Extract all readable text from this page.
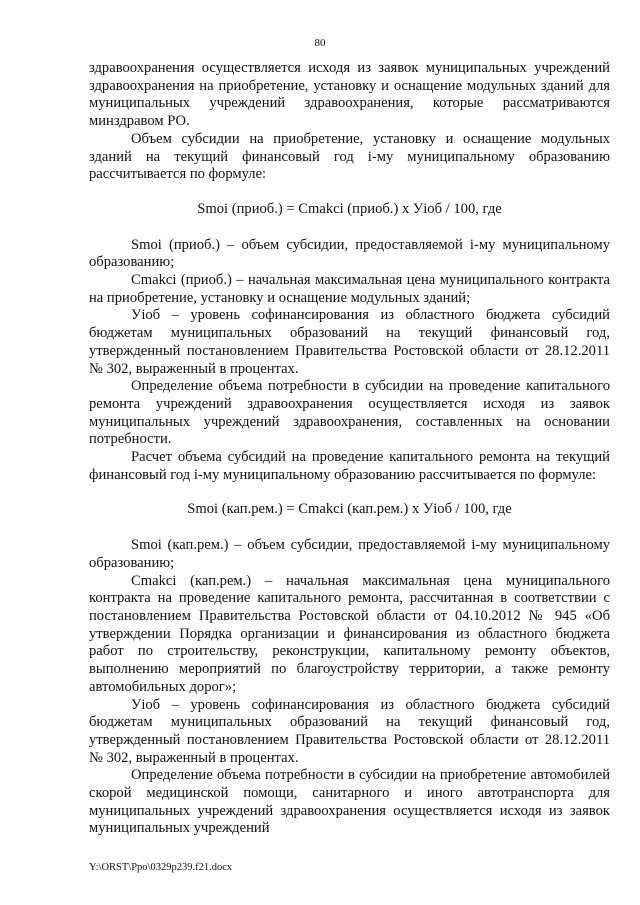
80

здравоохранения осуществляется исходя из заявок муниципальных учреждений здравоохранения на приобретение, установку и оснащение модульных зданий для муниципальных учреждений здравоохранения, которые рассматриваются минздравом РО.

Объем субсидии на приобретение, установку и оснащение модульных зданий на текущий финансовый год i-му муниципальному образованию рассчитывается по формуле:

Smoi (приоб.) = Cmakci (приоб.) x Уioб / 100, где

Smoi (приоб.) – объем субсидии, предоставляемой i-му муниципальному образованию;

Cmakci (приоб.) – начальная максимальная цена муниципального контракта на приобретение, установку и оснащение модульных зданий;

Уioб – уровень софинансирования из областного бюджета субсидий бюджетам муниципальных образований на текущий финансовый год, утвержденный постановлением Правительства Ростовской области от 28.12.2011 № 302, выраженный в процентах.

Определение объема потребности в субсидии на проведение капитального ремонта учреждений здравоохранения осуществляется исходя из заявок муниципальных учреждений здравоохранения, составленных на основании потребности.

Расчет объема субсидий на проведение капитального ремонта на текущий финансовый год i-му муниципальному образованию рассчитывается по формуле:

Smoi (кап.рем.) = Cmakci (кап.рем.) x Уioб / 100, где

Smoi (кап.рем.) – объем субсидии, предоставляемой i-му муниципальному образованию;

Cmakci (кап.рем.) – начальная максимальная цена муниципального контракта на проведение капитального ремонта, рассчитанная в соответствии с постановлением Правительства Ростовской области от 04.10.2012 № 945 «Об утверждении Порядка организации и финансирования из областного бюджета работ по строительству, реконструкции, капитальному ремонту объектов, выполнению мероприятий по благоустройству территории, а также ремонту автомобильных дорог»;

Уioб – уровень софинансирования из областного бюджета субсидий бюджетам муниципальных образований на текущий финансовый год, утвержденный постановлением Правительства Ростовской области от 28.12.2011 № 302, выраженный в процентах.

Определение объема потребности в субсидии на приобретение автомобилей скорой медицинской помощи, санитарного и иного автотранспорта для муниципальных учреждений здравоохранения осуществляется исходя из заявок муниципальных учреждений

Y:\ORST\Ppo\0329p239.f21.docx
